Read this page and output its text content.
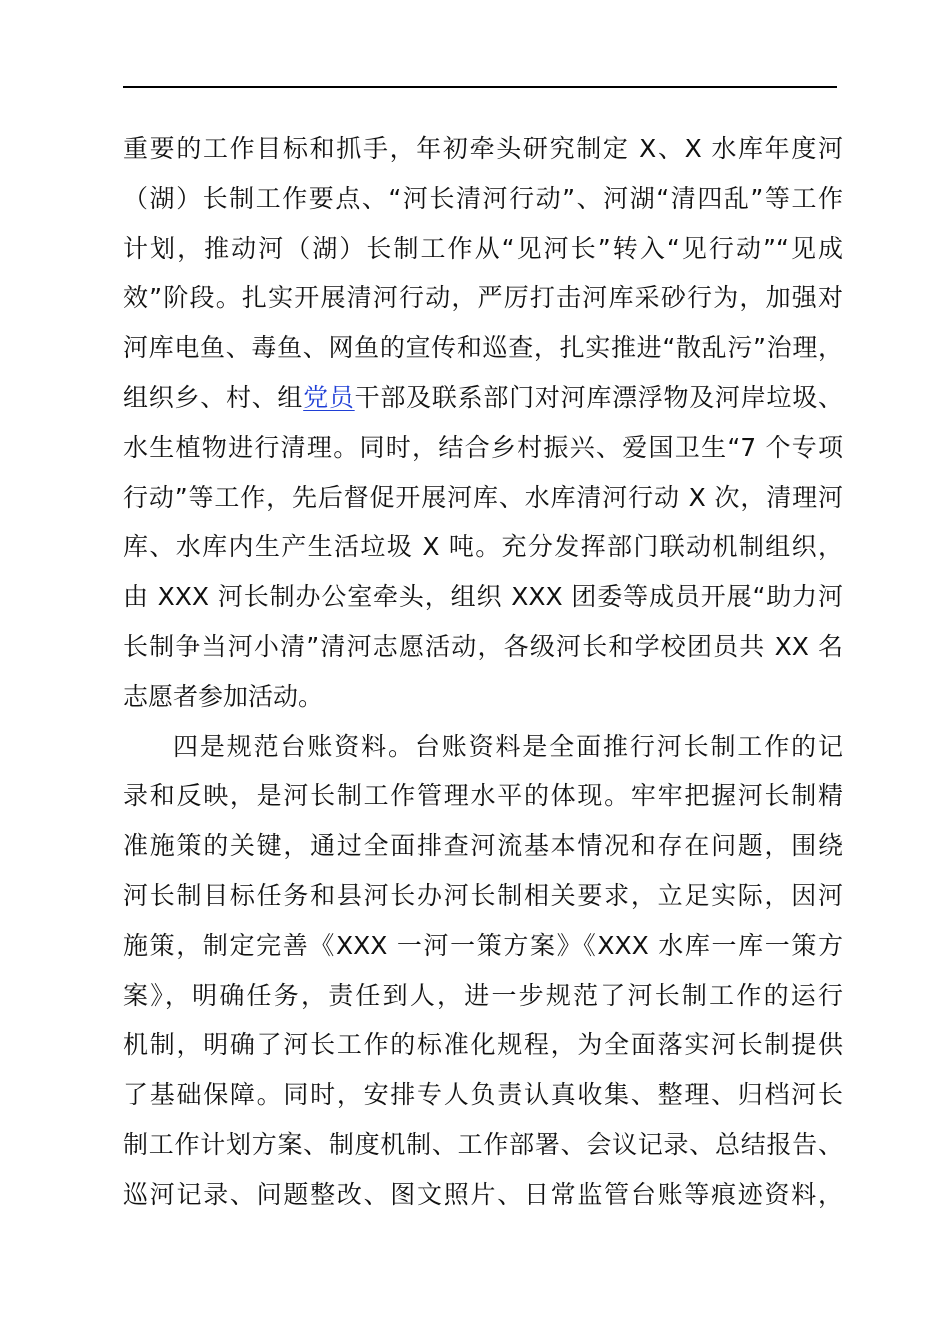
重要的工作目标和抓手，年初牵头研究制定 X、X 水库年度河
（湖）长制工作要点、“河长清河行动”、河湖“清四乱”等工作
计划，推动河（湖）长制工作从“见河长”转入“见行动”“见成
效”阶段。扎实开展清河行动，严厉打击河库采砂行为，加强对
河库电鱼、毒鱼、网鱼的宣传和巡查，扎实推进“散乱污”治理，
组织乡、村、组党员干部及联系部门对河库漂浮物及河岸垃圾、
水生植物进行清理。同时，结合乡村振兴、爱国卫生“7 个专项
行动”等工作，先后督促开展河库、水库清河行动 X 次，清理河
库、水库内生产生活垃圾 X 吨。充分发挥部门联动机制组织，
由 XXX 河长制办公室牵头，组织 XXX 团委等成员开展“助力河
长制争当河小清”清河志愿活动，各级河长和学校团员共 XX 名
志愿者参加活动。
四是规范台账资料。台账资料是全面推行河长制工作的记
录和反映，是河长制工作管理水平的体现。牢牢把握河长制精
准施策的关键，通过全面排查河流基本情况和存在问题，围绕
河长制目标任务和县河长办河长制相关要求，立足实际，因河
施策，制定完善《XXX 一河一策方案》《XXX 水库一库一策方
案》，明确任务，责任到人，进一步规范了河长制工作的运行
机制，明确了河长工作的标准化规程，为全面落实河长制提供
了基础保障。同时，安排专人负责认真收集、整理、归档河长
制工作计划方案、制度机制、工作部署、会议记录、总结报告、
巡河记录、问题整改、图文照片、日常监管台账等痕迹资料，
